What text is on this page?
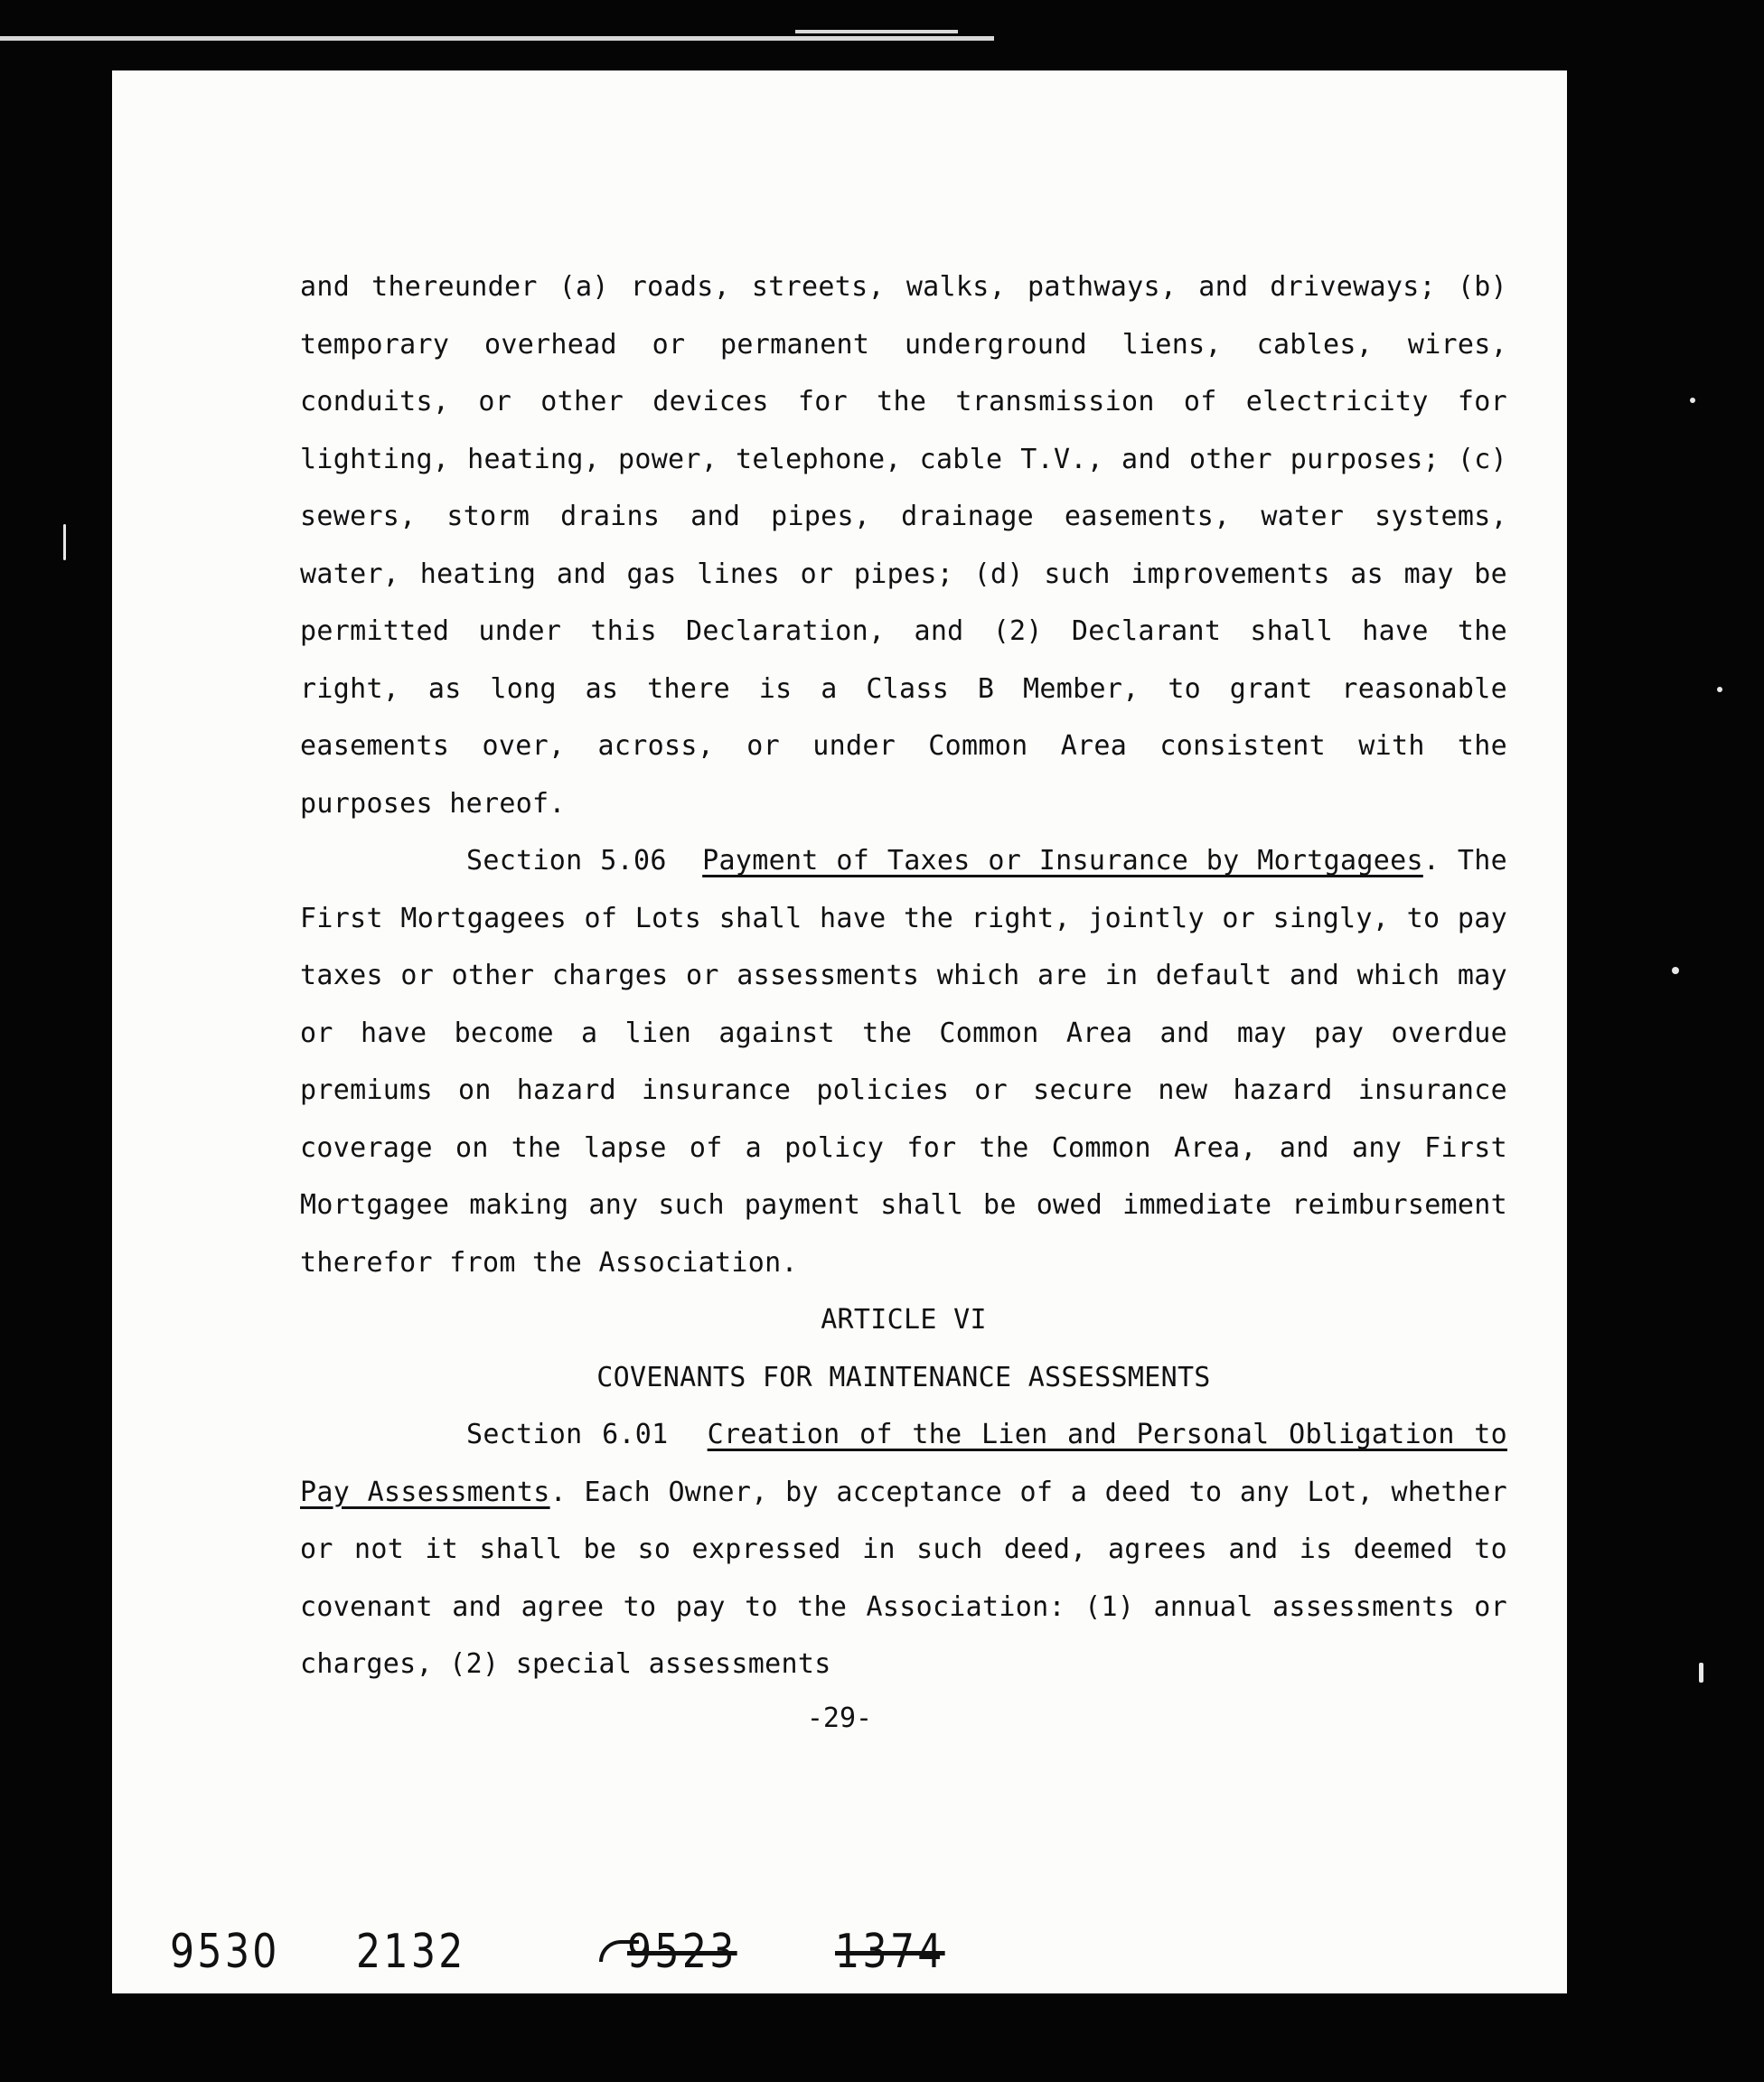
and thereunder (a) roads, streets, walks, pathways, and driveways; (b) temporary overhead or permanent underground liens, cables, wires, conduits, or other devices for the transmission of electricity for lighting, heating, power, telephone, cable T.V., and other purposes; (c) sewers, storm drains and pipes, drainage easements, water systems, water, heating and gas lines or pipes; (d) such improvements as may be permitted under this Declaration, and (2) Declarant shall have the right, as long as there is a Class B Member, to grant reasonable easements over, across, or under Common Area consistent with the purposes hereof.

Section 5.06 Payment of Taxes or Insurance by Mortgagees. The First Mortgagees of Lots shall have the right, jointly or singly, to pay taxes or other charges or assessments which are in default and which may or have become a lien against the Common Area and may pay overdue premiums on hazard insurance policies or secure new hazard insurance coverage on the lapse of a policy for the Common Area, and any First Mortgagee making any such payment shall be owed immediate reimbursement therefor from the Association.

ARTICLE VI

COVENANTS FOR MAINTENANCE ASSESSMENTS

Section 6.01 Creation of the Lien and Personal Obligation to Pay Assessments. Each Owner, by acceptance of a deed to any Lot, whether or not it shall be so expressed in such deed, agrees and is deemed to covenant and agree to pay to the Association: (1) annual assessments or charges, (2) special assessments

-29-
9530 2132	9523 1374
